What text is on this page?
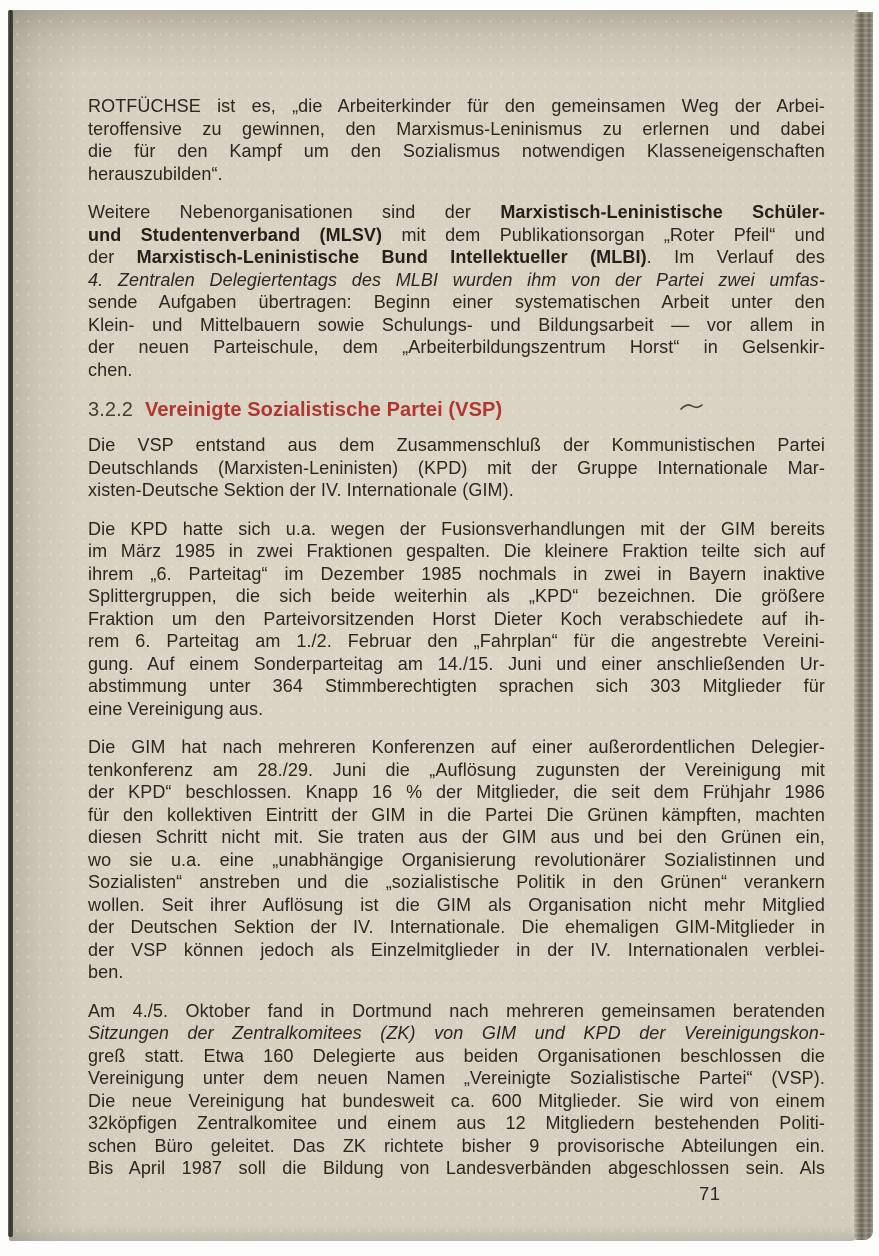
ROTFÜCHSE ist es, „die Arbeiterkinder für den gemeinsamen Weg der Arbei-
teroffensive zu gewinnen, den Marxismus-Leninismus zu erlernen und dabei
die für den Kampf um den Sozialismus notwendigen Klasseneigenschaften
herauszubilden“.
Weitere Nebenorganisationen sind der Marxistisch-Leninistische Schüler-
und Studentenverband (MLSV) mit dem Publikationsorgan „Roter Pfeil“ und
der Marxistisch-Leninistische Bund Intellektueller (MLBI). Im Verlauf des
4. Zentralen Delegiertentags des MLBI wurden ihm von der Partei zwei umfas-
sende Aufgaben übertragen: Beginn einer systematischen Arbeit unter den
Klein- und Mittelbauern sowie Schulungs- und Bildungsarbeit — vor allem in
der neuen Parteischule, dem „Arbeiterbildungszentrum Horst“ in Gelsenkir-
chen.
3.2.2 Vereinigte Sozialistische Partei (VSP)
Die VSP entstand aus dem Zusammenschluß der Kommunistischen Partei
Deutschlands (Marxisten-Leninisten) (KPD) mit der Gruppe Internationale Mar-
xisten-Deutsche Sektion der IV. Internationale (GIM).
Die KPD hatte sich u.a. wegen der Fusionsverhandlungen mit der GIM bereits
im März 1985 in zwei Fraktionen gespalten. Die kleinere Fraktion teilte sich auf
ihrem „6. Parteitag“ im Dezember 1985 nochmals in zwei in Bayern inaktive
Splittergruppen, die sich beide weiterhin als „KPD“ bezeichnen. Die größere
Fraktion um den Parteivorsitzenden Horst Dieter Koch verabschiedete auf ih-
rem 6. Parteitag am 1./2. Februar den „Fahrplan“ für die angestrebte Vereini-
gung. Auf einem Sonderparteitag am 14./15. Juni und einer anschließenden Ur-
abstimmung unter 364 Stimmberechtigten sprachen sich 303 Mitglieder für
eine Vereinigung aus.
Die GIM hat nach mehreren Konferenzen auf einer außerordentlichen Delegier-
tenkonferenz am 28./29. Juni die „Auflösung zugunsten der Vereinigung mit
der KPD“ beschlossen. Knapp 16 % der Mitglieder, die seit dem Frühjahr 1986
für den kollektiven Eintritt der GIM in die Partei Die Grünen kämpften, machten
diesen Schritt nicht mit. Sie traten aus der GIM aus und bei den Grünen ein,
wo sie u.a. eine „unabhängige Organisierung revolutionärer Sozialistinnen und
Sozialisten“ anstreben und die „sozialistische Politik in den Grünen“ verankern
wollen. Seit ihrer Auflösung ist die GIM als Organisation nicht mehr Mitglied
der Deutschen Sektion der IV. Internationale. Die ehemaligen GIM-Mitglieder in
der VSP können jedoch als Einzelmitglieder in der IV. Internationalen verblei-
ben.
Am 4./5. Oktober fand in Dortmund nach mehreren gemeinsamen beratenden
Sitzungen der Zentralkomitees (ZK) von GIM und KPD der Vereinigungskon-
greß statt. Etwa 160 Delegierte aus beiden Organisationen beschlossen die
Vereinigung unter dem neuen Namen „Vereinigte Sozialistische Partei“ (VSP).
Die neue Vereinigung hat bundesweit ca. 600 Mitglieder. Sie wird von einem
32köpfigen Zentralkomitee und einem aus 12 Mitgliedern bestehenden Politi-
schen Büro geleitet. Das ZK richtete bisher 9 provisorische Abteilungen ein.
Bis April 1987 soll die Bildung von Landesverbänden abgeschlossen sein. Als
71
